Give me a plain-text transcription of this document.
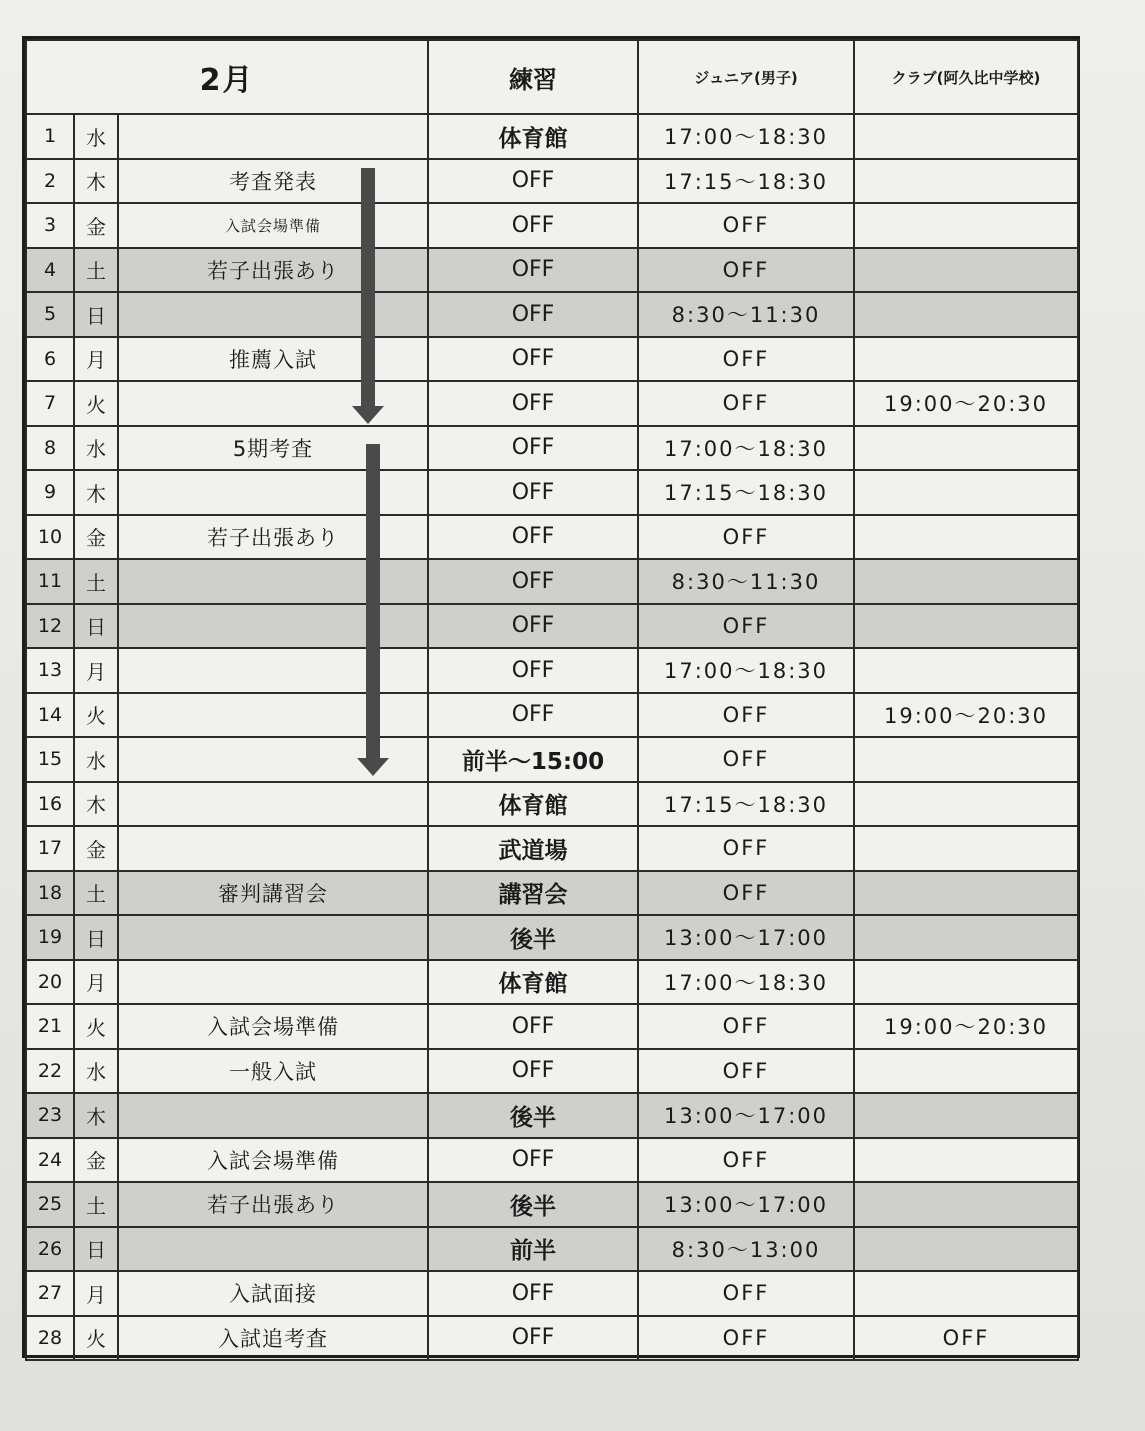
2月			練習	ジュニア(男子)	クラブ(阿久比中学校)
1	水		体育館	17:00〜18:30	
2	木	考査発表	OFF	17:15〜18:30	
3	金	入試会場準備	OFF	OFF	
4	土	若子出張あり	OFF	OFF	
5	日		OFF	8:30〜11:30	
6	月	推薦入試	OFF	OFF	
7	火		OFF	OFF	19:00〜20:30
8	水	5期考査	OFF	17:00〜18:30	
9	木		OFF	17:15〜18:30	
10	金	若子出張あり	OFF	OFF	
11	土		OFF	8:30〜11:30	
12	日		OFF	OFF	
13	月		OFF	17:00〜18:30	
14	火		OFF	OFF	19:00〜20:30
15	水		前半〜15:00	OFF	
16	木		体育館	17:15〜18:30	
17	金		武道場	OFF	
18	土	審判講習会	講習会	OFF	
19	日		後半	13:00〜17:00	
20	月		体育館	17:00〜18:30	
21	火	入試会場準備	OFF	OFF	19:00〜20:30
22	水	一般入試	OFF	OFF	
23	木		後半	13:00〜17:00	
24	金	入試会場準備	OFF	OFF	
25	土	若子出張あり	後半	13:00〜17:00	
26	日		前半	8:30〜13:00	
27	月	入試面接	OFF	OFF	
28	火	入試追考査	OFF	OFF	OFF
